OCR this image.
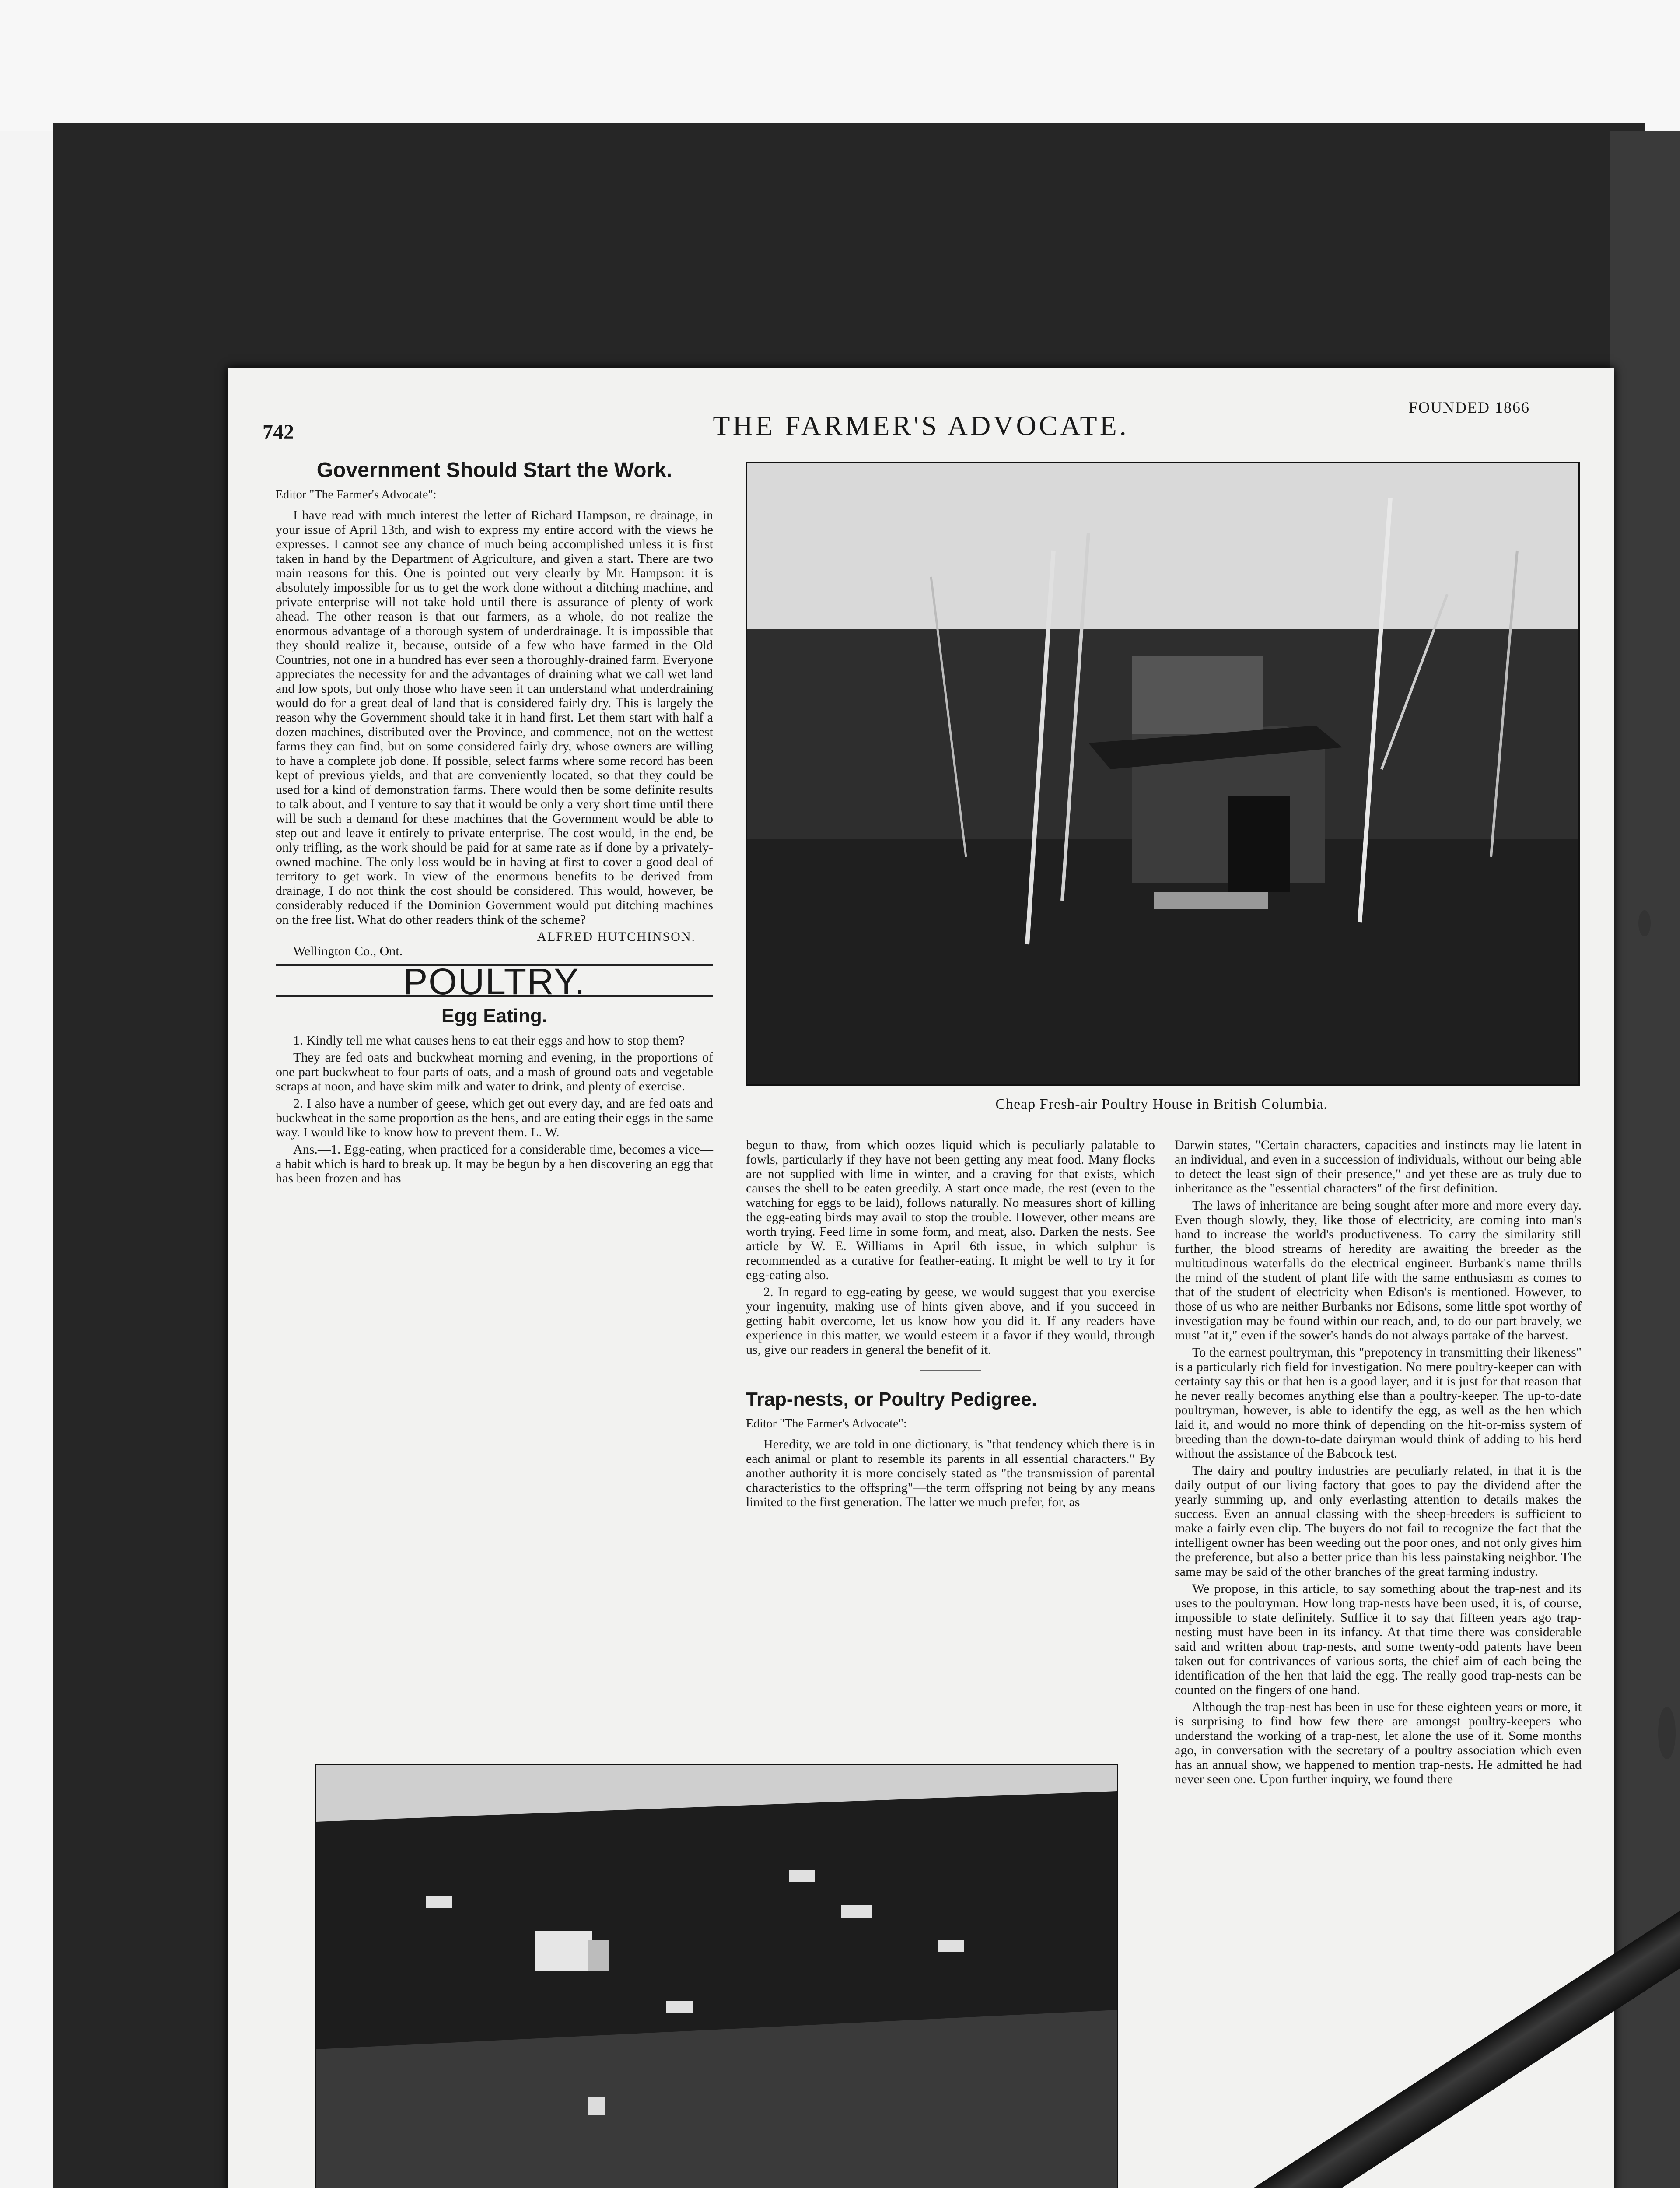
742	THE FARMER'S ADVOCATE.
FOUNDED 1866
Government Should Start the Work.
Editor "The Farmer's Advocate":

I have read with much interest the letter of Richard Hampson, re drainage, in your issue of April 13th, and wish to express my entire accord with the views he expresses. I cannot see any chance of much being accomplished unless it is first taken in hand by the Department of Agriculture, and given a start. There are two main reasons for this. One is pointed out very clearly by Mr. Hampson: it is absolutely impossible for us to get the work done without a ditching machine, and private enterprise will not take hold until there is assurance of plenty of work ahead. The other reason is that our farmers, as a whole, do not realize the enormous advantage of a thorough system of underdrainage. It is impossible that they should realize it, because, outside of a few who have farmed in the Old Countries, not one in a hundred has ever seen a thoroughly-drained farm. Everyone appreciates the necessity for and the advantages of draining what we call wet land and low spots, but only those who have seen it can understand what underdraining would do for a great deal of land that is considered fairly dry. This is largely the reason why the Government should take it in hand first. Let them start with half a dozen machines, distributed over the Province, and commence, not on the wettest farms they can find, but on some considered fairly dry, whose owners are willing to have a complete job done. If possible, select farms where some record has been kept of previous yields, and that are conveniently located, so that they could be used for a kind of demonstration farms. There would then be some definite results to talk about, and I venture to say that it would be only a very short time until there will be such a demand for these machines that the Government would be able to step out and leave it entirely to private enterprise. The cost would, in the end, be only trifling, as the work should be paid for at same rate as if done by a privately-owned machine. The only loss would be in having at first to cover a good deal of territory to get work. In view of the enormous benefits to be derived from drainage, I do not think the cost should be considered. This would, however, be considerably reduced if the Dominion Government would put ditching machines on the free list. What do other readers think of the scheme?

ALFRED HUTCHINSON.
Wellington Co., Ont.
POULTRY.
Egg Eating.

1. Kindly tell me what causes hens to eat their eggs and how to stop them?

They are fed oats and buckwheat morning and evening, in the proportions of one part buckwheat to four parts of oats, and a mash of ground oats and vegetable scraps at noon, and have skim milk and water to drink, and plenty of exercise.

2. I also have a number of geese, which get out every day, and are fed oats and buckwheat in the same proportion as the hens, and are eating their eggs in the same way. I would like to know how to prevent them. L. W.

Ans.—1. Egg-eating, when practiced for a considerable time, becomes a vice—a habit which is hard to break up. It may be begun by a hen discovering an egg that has been frozen and has

Cheap Fresh-air Poultry House in British Columbia.

begun to thaw, from which oozes liquid which is peculiarly palatable to fowls, particularly if they have not been getting any meat food. Many flocks are not supplied with lime in winter, and a craving for that exists, which causes the shell to be eaten greedily. A start once made, the rest (even to the watching for eggs to be laid), follows naturally. No measures short of killing the egg-eating birds may avail to stop the trouble. However, other means are worth trying. Feed lime in some form, and meat, also. Darken the nests. See article by W. E. Williams in April 6th issue, in which sulphur is recommended as a curative for feather-eating. It might be well to try it for egg-eating also.

2. In regard to egg-eating by geese, we would suggest that you exercise your ingenuity, making use of hints given above, and if you succeed in getting habit overcome, let us know how you did it. If any readers have experience in this matter, we would esteem it a favor if they would, through us, give our readers in general the benefit of it.

Trap-nests, or Poultry Pedigree.
Editor "The Farmer's Advocate":

Heredity, we are told in one dictionary, is "that tendency which there is in each animal or plant to resemble its parents in all essential characters." By another authority it is more concisely stated as "the transmission of parental characteristics to the offspring"—the term offspring not being by any means limited to the first generation. The latter we much prefer, for, as

Darwin states, "Certain characters, capacities and instincts may lie latent in an individual, and even in a succession of individuals, without our being able to detect the least sign of their presence," and yet these are as truly due to inheritance as the "essential characters" of the first definition.

The laws of inheritance are being sought after more and more every day. Even though slowly, they, like those of electricity, are coming into man's hand to increase the world's productiveness. To carry the similarity still further, the blood streams of heredity are awaiting the breeder as the multitudinous waterfalls do the electrical engineer. Burbank's name thrills the mind of the student of plant life with the same enthusiasm as comes to that of the student of electricity when Edison's is mentioned. However, to those of us who are neither Burbanks nor Edisons, some little spot worthy of investigation may be found within our reach, and, to do our part bravely, we must "at it," even if the sower's hands do not always partake of the harvest.

To the earnest poultryman, this "prepotency in transmitting their likeness" is a particularly rich field for investigation. No mere poultry-keeper can with certainty say this or that hen is a good layer, and it is just for that reason that he never really becomes anything else than a poultry-keeper. The up-to-date poultryman, however, is able to identify the egg, as well as the hen which laid it, and would no more think of depending on the hit-or-miss system of breeding than the down-to-date dairyman would think of adding to his herd without the assistance of the Babcock test.

The dairy and poultry industries are peculiarly related, in that it is the daily output of our living factory that goes to pay the dividend after the yearly summing up, and only everlasting attention to details makes the success. Even an annual classing with the sheep-breeders is sufficient to make a fairly even clip. The buyers do not fail to recognize the fact that the intelligent owner has been weeding out the poor ones, and not only gives him the preference, but also a better price than his less painstaking neighbor. The same may be said of the other branches of the great farming industry.

We propose, in this article, to say something about the trap-nest and its uses to the poultryman. How long trap-nests have been used, it is, of course, impossible to state definitely. Suffice it to say that fifteen years ago trap-nesting must have been in its infancy. At that time there was considerable said and written about trap-nests, and some twenty-odd patents have been taken out for contrivances of various sorts, the chief aim of each being the identification of the hen that laid the egg. The really good trap-nests can be counted on the fingers of one hand.

Although the trap-nest has been in use for these eighteen years or more, it is surprising to find how few there are amongst poultry-keepers who understand the working of a trap-nest, let alone the use of it. Some months ago, in conversation with the secretary of a poultry association which even has an annual show, we happened to mention trap-nests. He admitted he had never seen one. Upon further inquiry, we found there
